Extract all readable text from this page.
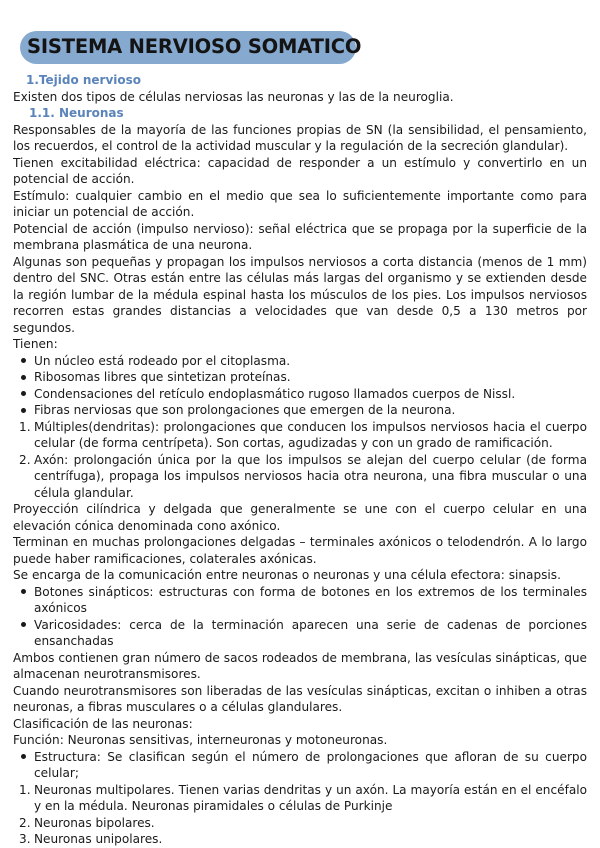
SISTEMA NERVIOSO SOMATICO

1.Tejido nervioso

Existen dos tipos de células nerviosas las neuronas y las de la neuroglia.

1.1. Neuronas

Responsables de la mayoría de las funciones propias de SN (la sensibilidad, el pensamiento, los recuerdos, el control de la actividad muscular y la regulación de la secreción glandular).

Tienen excitabilidad eléctrica: capacidad de responder a un estímulo y convertirlo en un potencial de acción.

Estímulo: cualquier cambio en el medio que sea lo suficientemente importante como para iniciar un potencial de acción.

Potencial de acción (impulso nervioso): señal eléctrica que se propaga por la superficie de la membrana plasmática de una neurona.

Algunas son pequeñas y propagan los impulsos nerviosos a corta distancia (menos de 1 mm) dentro del SNC. Otras están entre las células más largas del organismo y se extienden desde la región lumbar de la médula espinal hasta los músculos de los pies. Los impulsos nerviosos recorren estas grandes distancias a velocidades que van desde 0,5 a 130 metros por segundos.

Tienen:

Un núcleo está rodeado por el citoplasma.
Ribosomas libres que sintetizan proteínas.
Condensaciones del retículo endoplasmático rugoso llamados cuerpos de Nissl.
Fibras nerviosas que son prolongaciones que emergen de la neurona.
1. Múltiples(dendritas): prolongaciones que conducen los impulsos nerviosos hacia el cuerpo celular (de forma centrípeta). Son cortas, agudizadas y con un grado de ramificación.
2. Axón: prolongación única por la que los impulsos se alejan del cuerpo celular (de forma centrífuga), propaga los impulsos nerviosos hacia otra neurona, una fibra muscular o una célula glandular.

Proyección cilíndrica y delgada que generalmente se une con el cuerpo celular en una elevación cónica denominada cono axónico.

Terminan en muchas prolongaciones delgadas – terminales axónicos o telodendrón. A lo largo puede haber ramificaciones, colaterales axónicas.

Se encarga de la comunicación entre neuronas o neuronas y una célula efectora: sinapsis.

Botones sinápticos: estructuras con forma de botones en los extremos de los terminales axónicos
Varicosidades: cerca de la terminación aparecen una serie de cadenas de porciones ensanchadas

Ambos contienen gran número de sacos rodeados de membrana, las vesículas sinápticas, que almacenan neurotransmisores.

Cuando neurotransmisores son liberadas de las vesículas sinápticas, excitan o inhiben a otras neuronas, a fibras musculares o a células glandulares.

Clasificación de las neuronas:

Función: Neuronas sensitivas, interneuronas y motoneuronas.

Estructura: Se clasifican según el número de prolongaciones que afloran de su cuerpo celular;
1. Neuronas multipolares. Tienen varias dendritas y un axón. La mayoría están en el encéfalo y en la médula. Neuronas piramidales o células de Purkinje
2. Neuronas bipolares.
3. Neuronas unipolares.
